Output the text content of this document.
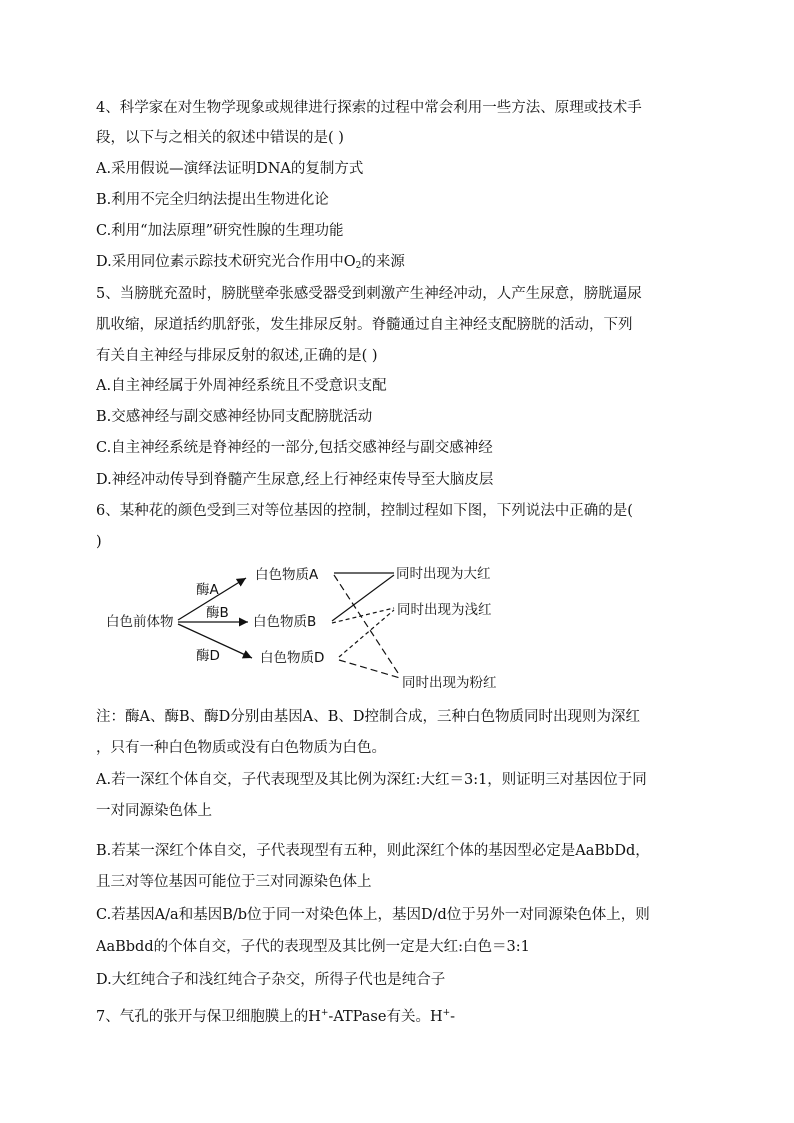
4、科学家在对生物学现象或规律进行探索的过程中常会利用一些方法、原理或技术手
段，以下与之相关的叙述中错误的是( )
A.采用假说—演绎法证明DNA的复制方式
B.利用不完全归纳法提出生物进化论
C.利用“加法原理”研究性腺的生理功能
D.采用同位素示踪技术研究光合作用中$O_2$的来源
5、当膀胱充盈时，膀胱壁牵张感受器受到刺激产生神经冲动，人产生尿意，膀胱逼尿
肌收缩，尿道括约肌舒张，发生排尿反射。脊髓通过自主神经支配膀胱的活动，下列
有关自主神经与排尿反射的叙述,正确的是( )
A.自主神经属于外周神经系统且不受意识支配
B.交感神经与副交感神经协同支配膀胱活动
C.自主神经系统是脊神经的一部分,包括交感神经与副交感神经
D.神经冲动传导到脊髓产生尿意,经上行神经束传导至大脑皮层
6、某种花的颜色受到三对等位基因的控制，控制过程如下图，下列说法中正确的是(
)
白色前体物
酶A
酶B
酶D
白色物质A
白色物质B
白色物质D
同时出现为大红
同时出现为浅红
同时出现为粉红
注：酶A、酶B、酶D分别由基因A、B、D控制合成，三种白色物质同时出现则为深红
，只有一种白色物质或没有白色物质为白色。
A.若一深红个体自交，子代表现型及其比例为深红:大红＝3:1，则证明三对基因位于同
一对同源染色体上
B.若某一深红个体自交，子代表现型有五种，则此深红个体的基因型必定是AaBbDd，
且三对等位基因可能位于三对同源染色体上
C.若基因A/a和基因B/b位于同一对染色体上，基因D/d位于另外一对同源染色体上，则
AaBbdd的个体自交，子代的表现型及其比例一定是大红:白色＝3:1
D.大红纯合子和浅红纯合子杂交，所得子代也是纯合子
7、气孔的张开与保卫细胞膜上的H+-ATPase有关。H+-
